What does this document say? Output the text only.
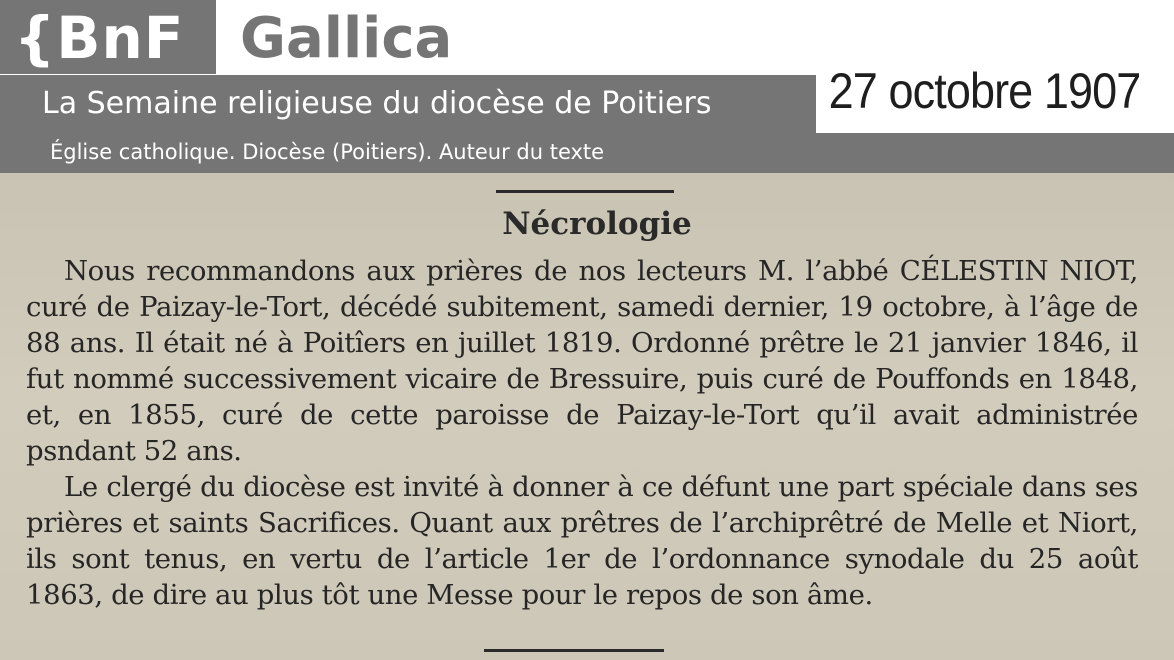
{BnF Gallica
27 octobre 1907
La Semaine religieuse du diocèse de Poitiers
Église catholique. Diocèse (Poitiers). Auteur du texte
Nécrologie

Nous recommandons aux prières de nos lecteurs M. l’abbé CÉLESTIN NIOT, curé de Paizay-le-Tort, décédé subitement, samedi dernier, 19 octobre, à l’âge de 88 ans. Il était né à Poitîers en juillet 1819. Ordonné prêtre le 21 janvier 1846, il fut nommé successivement vicaire de Bressuire, puis curé de Pouffonds en 1848, et, en 1855, curé de cette paroisse de Paizay-le-Tort qu’il avait administrée psndant 52 ans.

Le clergé du diocèse est invité à donner à ce défunt une part spéciale dans ses prières et saints Sacrifices. Quant aux prêtres de l’archiprêtré de Melle et Niort, ils sont tenus, en vertu de l’article 1er de l’ordonnance synodale du 25 août 1863, de dire au plus tôt une Messe pour le repos de son âme.
